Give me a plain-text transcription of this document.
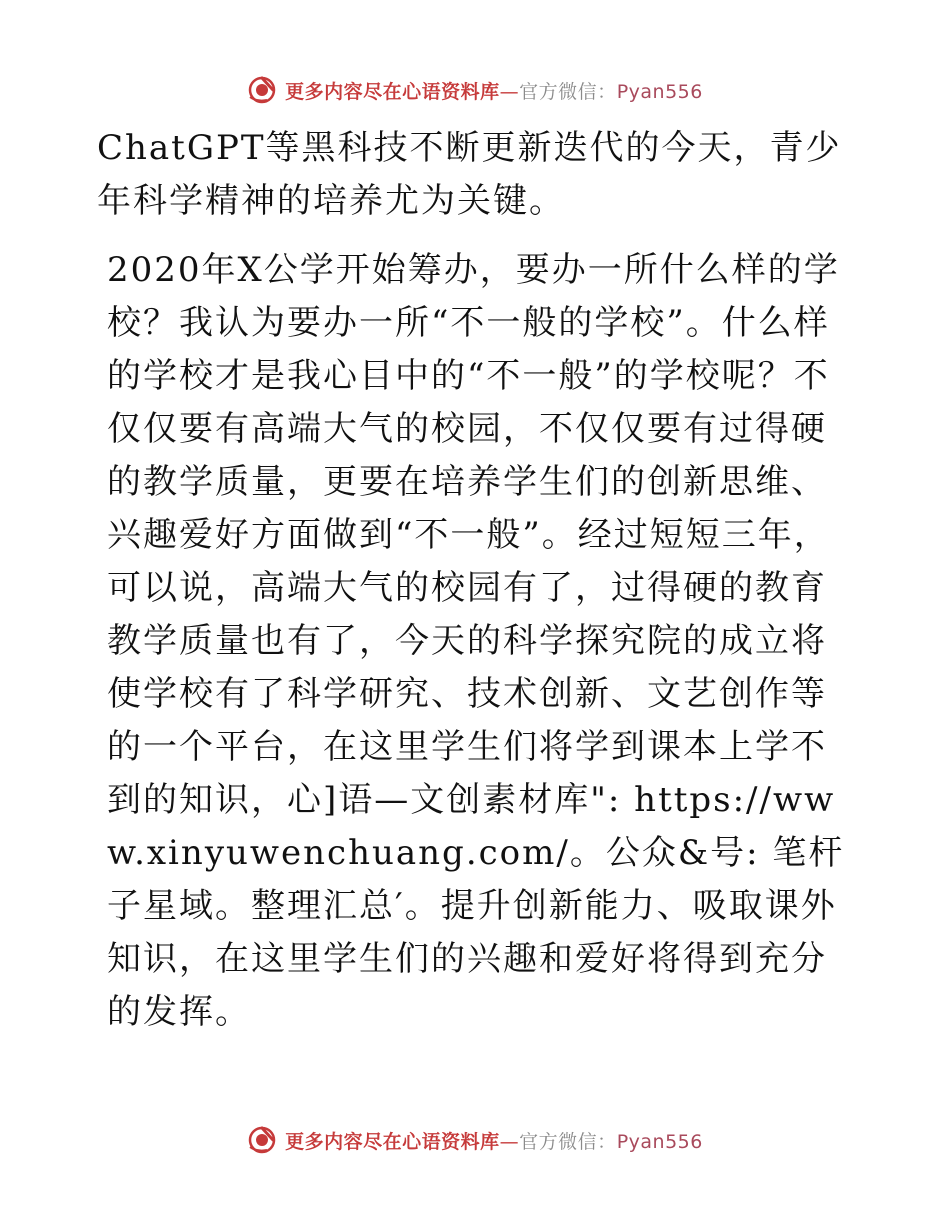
更多内容尽在心语资料库—官方微信：Pyan556

ChatGPT等黑科技不断更新迭代的今天，青少年科学精神的培养尤为关键。

2020年X公学开始筹办，要办一所什么样的学校？我认为要办一所“不一般的学校”。什么样的学校才是我心目中的“不一般”的学校呢？不仅仅要有高端大气的校园，不仅仅要有过得硬的教学质量，更要在培养学生们的创新思维、兴趣爱好方面做到“不一般”。经过短短三年，可以说，高端大气的校园有了，过得硬的教育教学质量也有了，今天的科学探究院的成立将使学校有了科学研究、技术创新、文艺创作等的一个平台，在这里学生们将学到课本上学不到的知识，心]语—文创素材库": https://www.xinyuwenchuang.com/。公众&号: 笔杆子星域。整理汇总′。提升创新能力、吸取课外知识，在这里学生们的兴趣和爱好将得到充分的发挥。

更多内容尽在心语资料库—官方微信：Pyan556
